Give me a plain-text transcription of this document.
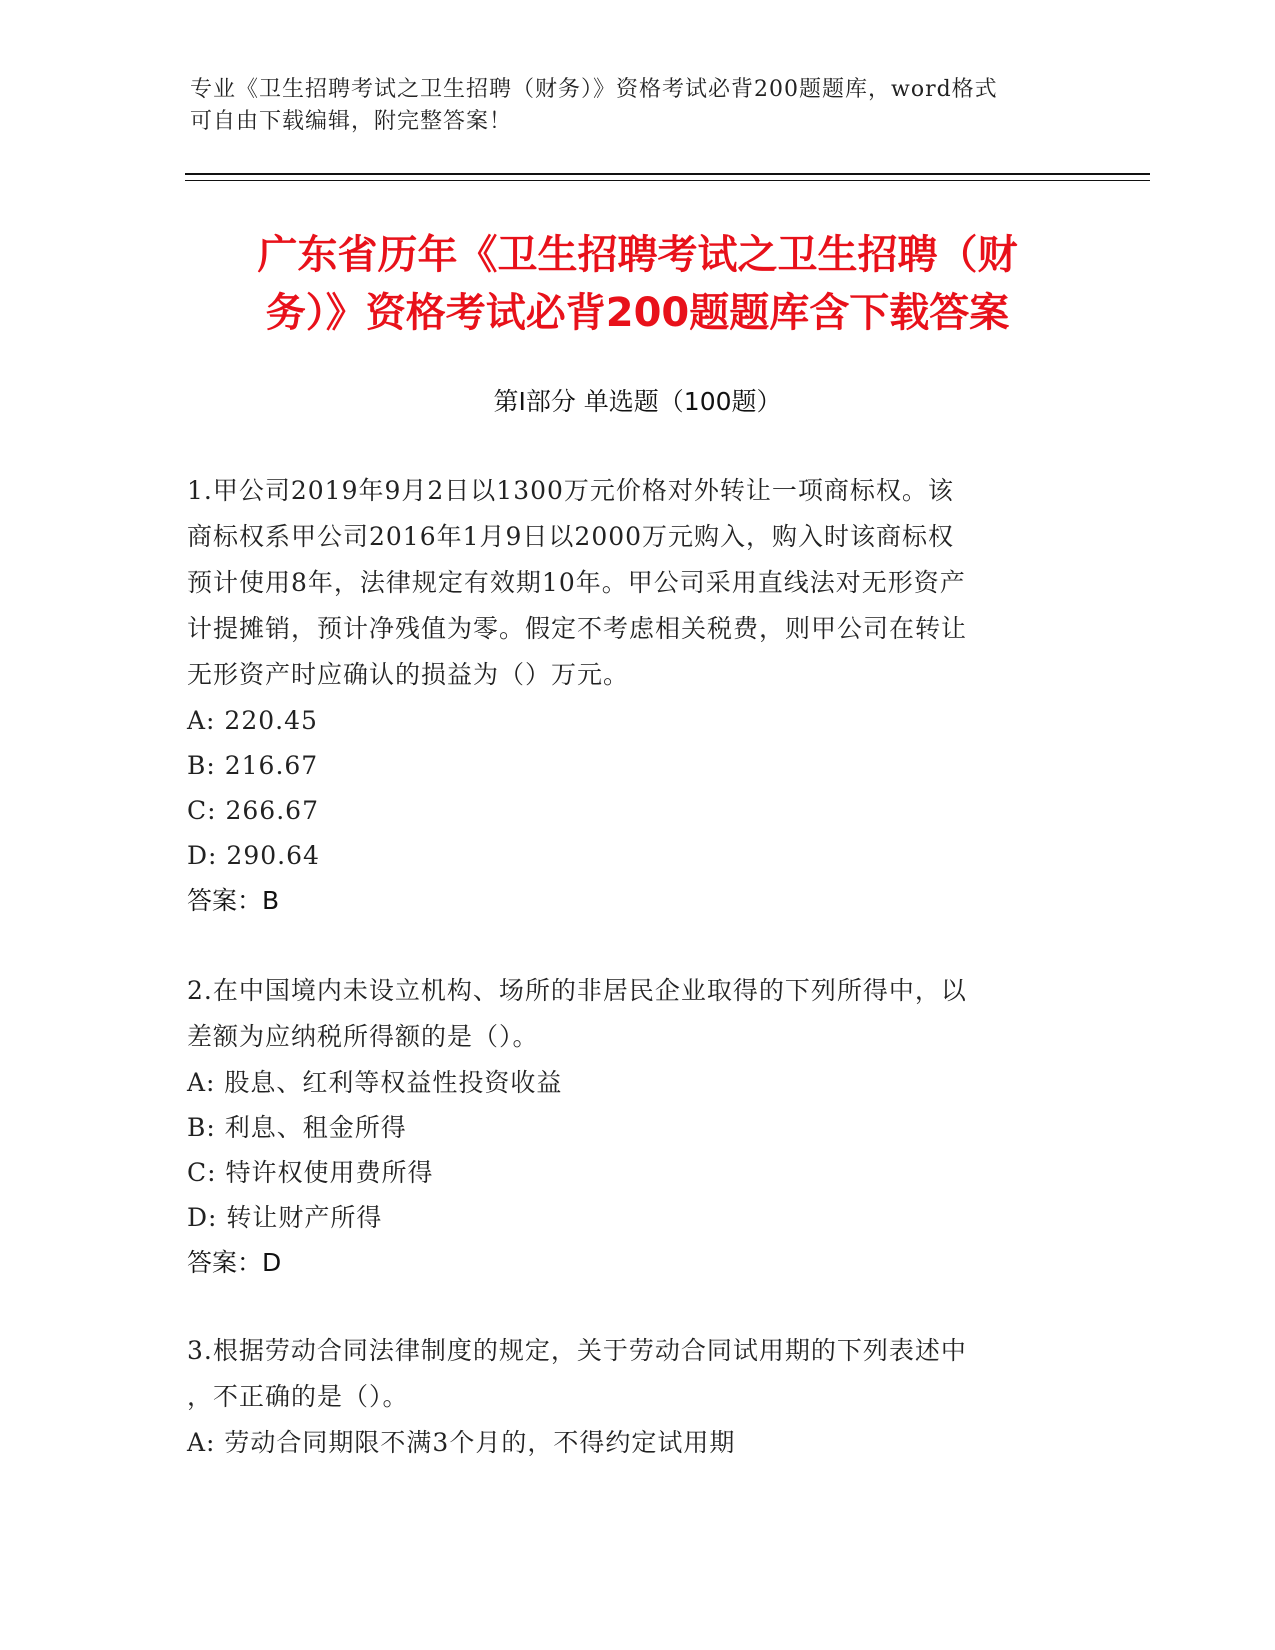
专业《卫生招聘考试之卫生招聘（财务）》资格考试必背200题题库，word格式
可自由下载编辑，附完整答案！
广东省历年《卫生招聘考试之卫生招聘（财
务）》资格考试必背200题题库含下载答案
第Ⅰ部分 单选题（100题）
1.甲公司2019年9月2日以1300万元价格对外转让一项商标权。该
商标权系甲公司2016年1月9日以2000万元购入，购入时该商标权
预计使用8年，法律规定有效期10年。甲公司采用直线法对无形资产
计提摊销，预计净残值为零。假定不考虑相关税费，则甲公司在转让
无形资产时应确认的损益为（）万元。
A: 220.45
B: 216.67
C: 266.67
D: 290.64
答案：B
2.在中国境内未设立机构、场所的非居民企业取得的下列所得中，以
差额为应纳税所得额的是（）。
A: 股息、红利等权益性投资收益
B: 利息、租金所得
C: 特许权使用费所得
D: 转让财产所得
答案：D
3.根据劳动合同法律制度的规定，关于劳动合同试用期的下列表述中
，不正确的是（）。
A: 劳动合同期限不满3个月的，不得约定试用期
